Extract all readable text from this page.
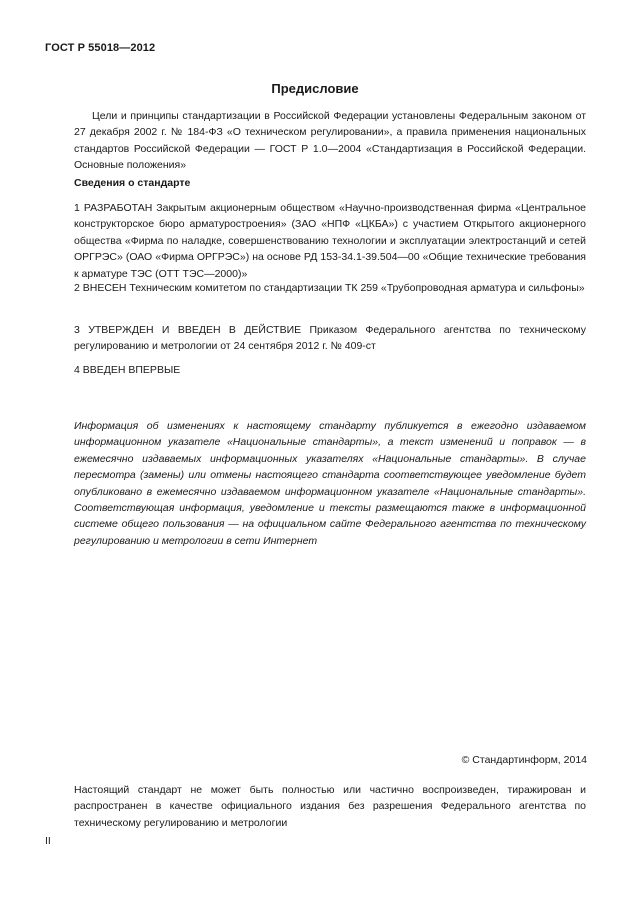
ГОСТ Р 55018—2012
Предисловие
Цели и принципы стандартизации в Российской Федерации установлены Федеральным законом от 27 декабря 2002 г. № 184-ФЗ «О техническом регулировании», а правила применения национальных стандартов Российской Федерации — ГОСТ Р 1.0—2004 «Стандартизация в Российской Федерации. Основные положения»
Сведения о стандарте
1 РАЗРАБОТАН Закрытым акционерным обществом «Научно-производственная фирма «Центральное конструкторское бюро арматуростроения» (ЗАО «НПФ «ЦКБА») с участием Открытого акционерного общества «Фирма по наладке, совершенствованию технологии и эксплуатации электростанций и сетей ОРГРЭС» (ОАО «Фирма ОРГРЭС») на основе РД 153-34.1-39.504—00 «Общие технические требования к арматуре ТЭС (ОТТ ТЭС—2000)»
2 ВНЕСЕН Техническим комитетом по стандартизации ТК 259 «Трубопроводная арматура и сильфоны»
3 УТВЕРЖДЕН И ВВЕДЕН В ДЕЙСТВИЕ Приказом Федерального агентства по техническому регулированию и метрологии от 24 сентября 2012 г. № 409-ст
4 ВВЕДЕН ВПЕРВЫЕ
Информация об изменениях к настоящему стандарту публикуется в ежегодно издаваемом информационном указателе «Национальные стандарты», а текст изменений и поправок — в ежемесячно издаваемых информационных указателях «Национальные стандарты». В случае пересмотра (замены) или отмены настоящего стандарта соответствующее уведомление будет опубликовано в ежемесячно издаваемом информационном указателе «Национальные стандарты». Соответствующая информация, уведомление и тексты размещаются также в информационной системе общего пользования — на официальном сайте Федерального агентства по техническому регулированию и метрологии в сети Интернет
© Стандартинформ, 2014
Настоящий стандарт не может быть полностью или частично воспроизведен, тиражирован и распространен в качестве официального издания без разрешения Федерального агентства по техническому регулированию и метрологии
II
